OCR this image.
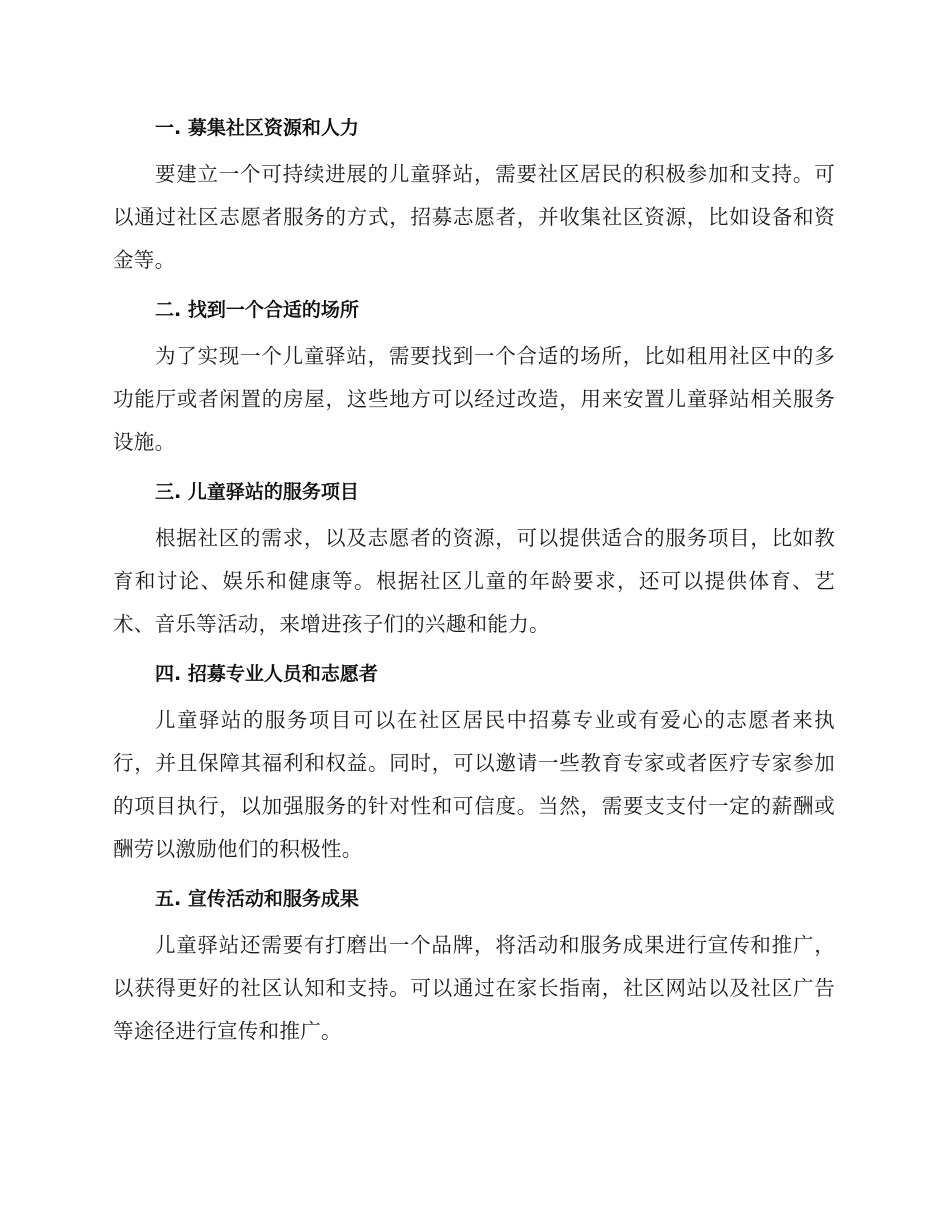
一. 募集社区资源和人力

要建立一个可持续进展的儿童驿站，需要社区居民的积极参加和支持。可以通过社区志愿者服务的方式，招募志愿者，并收集社区资源，比如设备和资金等。

二. 找到一个合适的场所

为了实现一个儿童驿站，需要找到一个合适的场所，比如租用社区中的多功能厅或者闲置的房屋，这些地方可以经过改造，用来安置儿童驿站相关服务设施。

三. 儿童驿站的服务项目

根据社区的需求，以及志愿者的资源，可以提供适合的服务项目，比如教育和讨论、娱乐和健康等。根据社区儿童的年龄要求，还可以提供体育、艺术、音乐等活动，来增进孩子们的兴趣和能力。

四. 招募专业人员和志愿者

儿童驿站的服务项目可以在社区居民中招募专业或有爱心的志愿者来执行，并且保障其福利和权益。同时，可以邀请一些教育专家或者医疗专家参加的项目执行，以加强服务的针对性和可信度。当然，需要支支付一定的薪酬或酬劳以激励他们的积极性。

五. 宣传活动和服务成果

儿童驿站还需要有打磨出一个品牌，将活动和服务成果进行宣传和推广，以获得更好的社区认知和支持。可以通过在家长指南，社区网站以及社区广告等途径进行宣传和推广。
